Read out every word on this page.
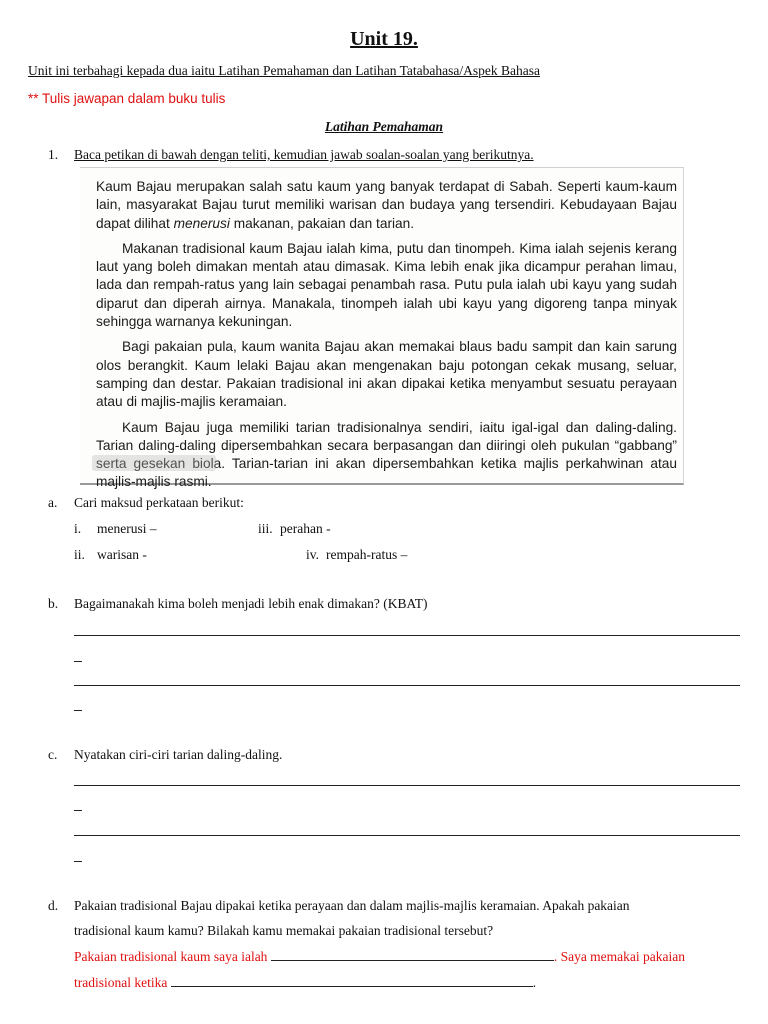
Unit 19.
Unit ini terbahagi kepada dua iaitu Latihan Pemahaman dan Latihan Tatabahasa/Aspek Bahasa
** Tulis jawapan dalam buku tulis
Latihan Pemahaman
1. Baca petikan di bawah dengan teliti, kemudian jawab soalan-soalan yang berikutnya.

Kaum Bajau merupakan salah satu kaum yang banyak terdapat di Sabah. Seperti kaum-kaum lain, masyarakat Bajau turut memiliki warisan dan budaya yang tersendiri. Kebudayaan Bajau dapat dilihat menerusi makanan, pakaian dan tarian.

Makanan tradisional kaum Bajau ialah kima, putu dan tinompeh. Kima ialah sejenis kerang laut yang boleh dimakan mentah atau dimasak. Kima lebih enak jika dicampur perahan limau, lada dan rempah-ratus yang lain sebagai penambah rasa. Putu pula ialah ubi kayu yang sudah diparut dan diperah airnya. Manakala, tinompeh ialah ubi kayu yang digoreng tanpa minyak sehingga warnanya kekuningan.

Bagi pakaian pula, kaum wanita Bajau akan memakai blaus badu sampit dan kain sarung olos berangkit. Kaum lelaki Bajau akan mengenakan baju potongan cekak musang, seluar, samping dan destar. Pakaian tradisional ini akan dipakai ketika menyambut sesuatu perayaan atau di majlis-majlis keramaian.

Kaum Bajau juga memiliki tarian tradisionalnya sendiri, iaitu igal-igal dan daling-daling. Tarian daling-daling dipersembahkan secara berpasangan dan diiringi oleh pukulan “gabbang” serta gesekan biola. Tarian-tarian ini akan dipersembahkan ketika majlis perkahwinan atau majlis-majlis rasmi.

a. Cari maksud perkataan berikut:
i. menerusi –
ii. warisan -
iii. perahan -
iv. rempah-ratus –
b. Bagaimanakah kima boleh menjadi lebih enak dimakan? (KBAT)
c. Nyatakan ciri-ciri tarian daling-daling.
d. Pakaian tradisional Bajau dipakai ketika perayaan dan dalam majlis-majlis keramaian. Apakah pakaian
tradisional kaum kamu? Bilakah kamu memakai pakaian tradisional tersebut?
Pakaian tradisional kaum saya ialah	. Saya memakai pakaian
tradisional ketika	.
